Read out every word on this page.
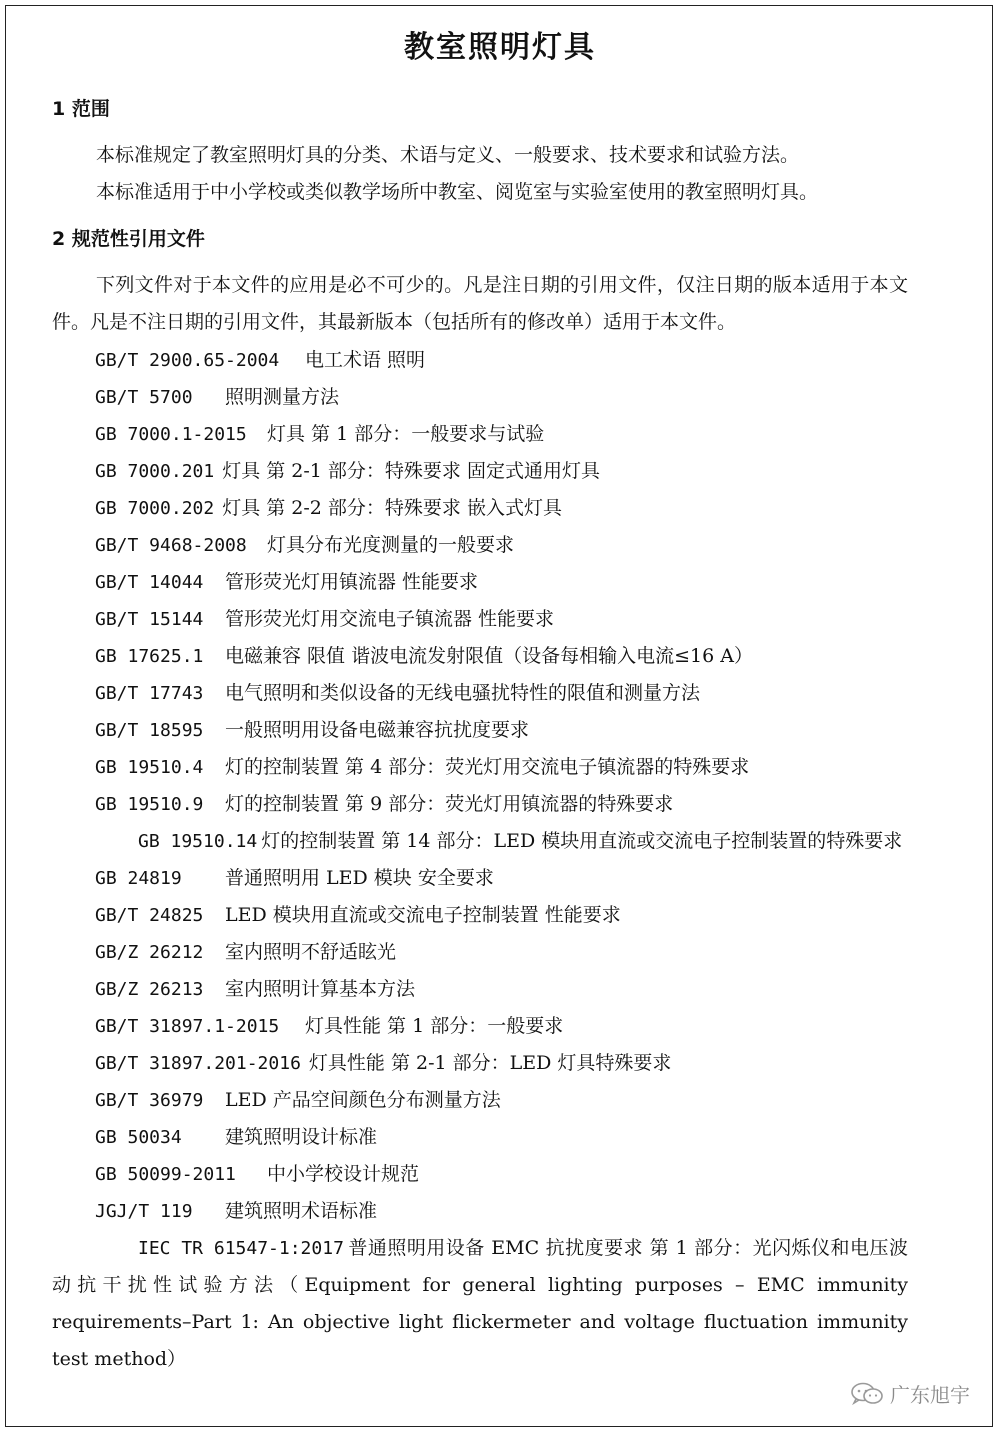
教室照明灯具
1 范围
本标准规定了教室照明灯具的分类、术语与定义、一般要求、技术要求和试验方法。
本标准适用于中小学校或类似教学场所中教室、阅览室与实验室使用的教室照明灯具。
2 规范性引用文件
下列文件对于本文件的应用是必不可少的。凡是注日期的引用文件，仅注日期的版本适用于本文件。凡是不注日期的引用文件，其最新版本（包括所有的修改单）适用于本文件。
GB/T 2900.65-2004 电工术语 照明
GB/T 5700 照明测量方法
GB 7000.1-2015 灯具 第 1 部分：一般要求与试验
GB 7000.201 灯具 第 2-1 部分：特殊要求 固定式通用灯具
GB 7000.202 灯具 第 2-2 部分：特殊要求 嵌入式灯具
GB/T 9468-2008 灯具分布光度测量的一般要求
GB/T 14044 管形荧光灯用镇流器 性能要求
GB/T 15144 管形荧光灯用交流电子镇流器 性能要求
GB 17625.1 电磁兼容 限值 谐波电流发射限值（设备每相输入电流≤16 A）
GB/T 17743 电气照明和类似设备的无线电骚扰特性的限值和测量方法
GB/T 18595 一般照明用设备电磁兼容抗扰度要求
GB 19510.4 灯的控制装置 第 4 部分：荧光灯用交流电子镇流器的特殊要求
GB 19510.9 灯的控制装置 第 9 部分：荧光灯用镇流器的特殊要求
GB 19510.14 灯的控制装置 第 14 部分：LED 模块用直流或交流电子控制装置的特殊要求
GB 24819 普通照明用 LED 模块 安全要求
GB/T 24825 LED 模块用直流或交流电子控制装置 性能要求
GB/Z 26212 室内照明不舒适眩光
GB/Z 26213 室内照明计算基本方法
GB/T 31897.1-2015 灯具性能 第 1 部分：一般要求
GB/T 31897.201-2016 灯具性能 第 2-1 部分：LED 灯具特殊要求
GB/T 36979 LED 产品空间颜色分布测量方法
GB 50034 建筑照明设计标准
GB 50099-2011 中小学校设计规范
JGJ/T 119 建筑照明术语标准
IEC TR 61547-1:2017 普通照明用设备 EMC 抗扰度要求 第 1 部分：光闪烁仪和电压波动抗干扰性试验方法（Equipment for general lighting purposes – EMC immunity requirements–Part 1: An objective light flickermeter and voltage fluctuation immunity test method）
广东旭宇
